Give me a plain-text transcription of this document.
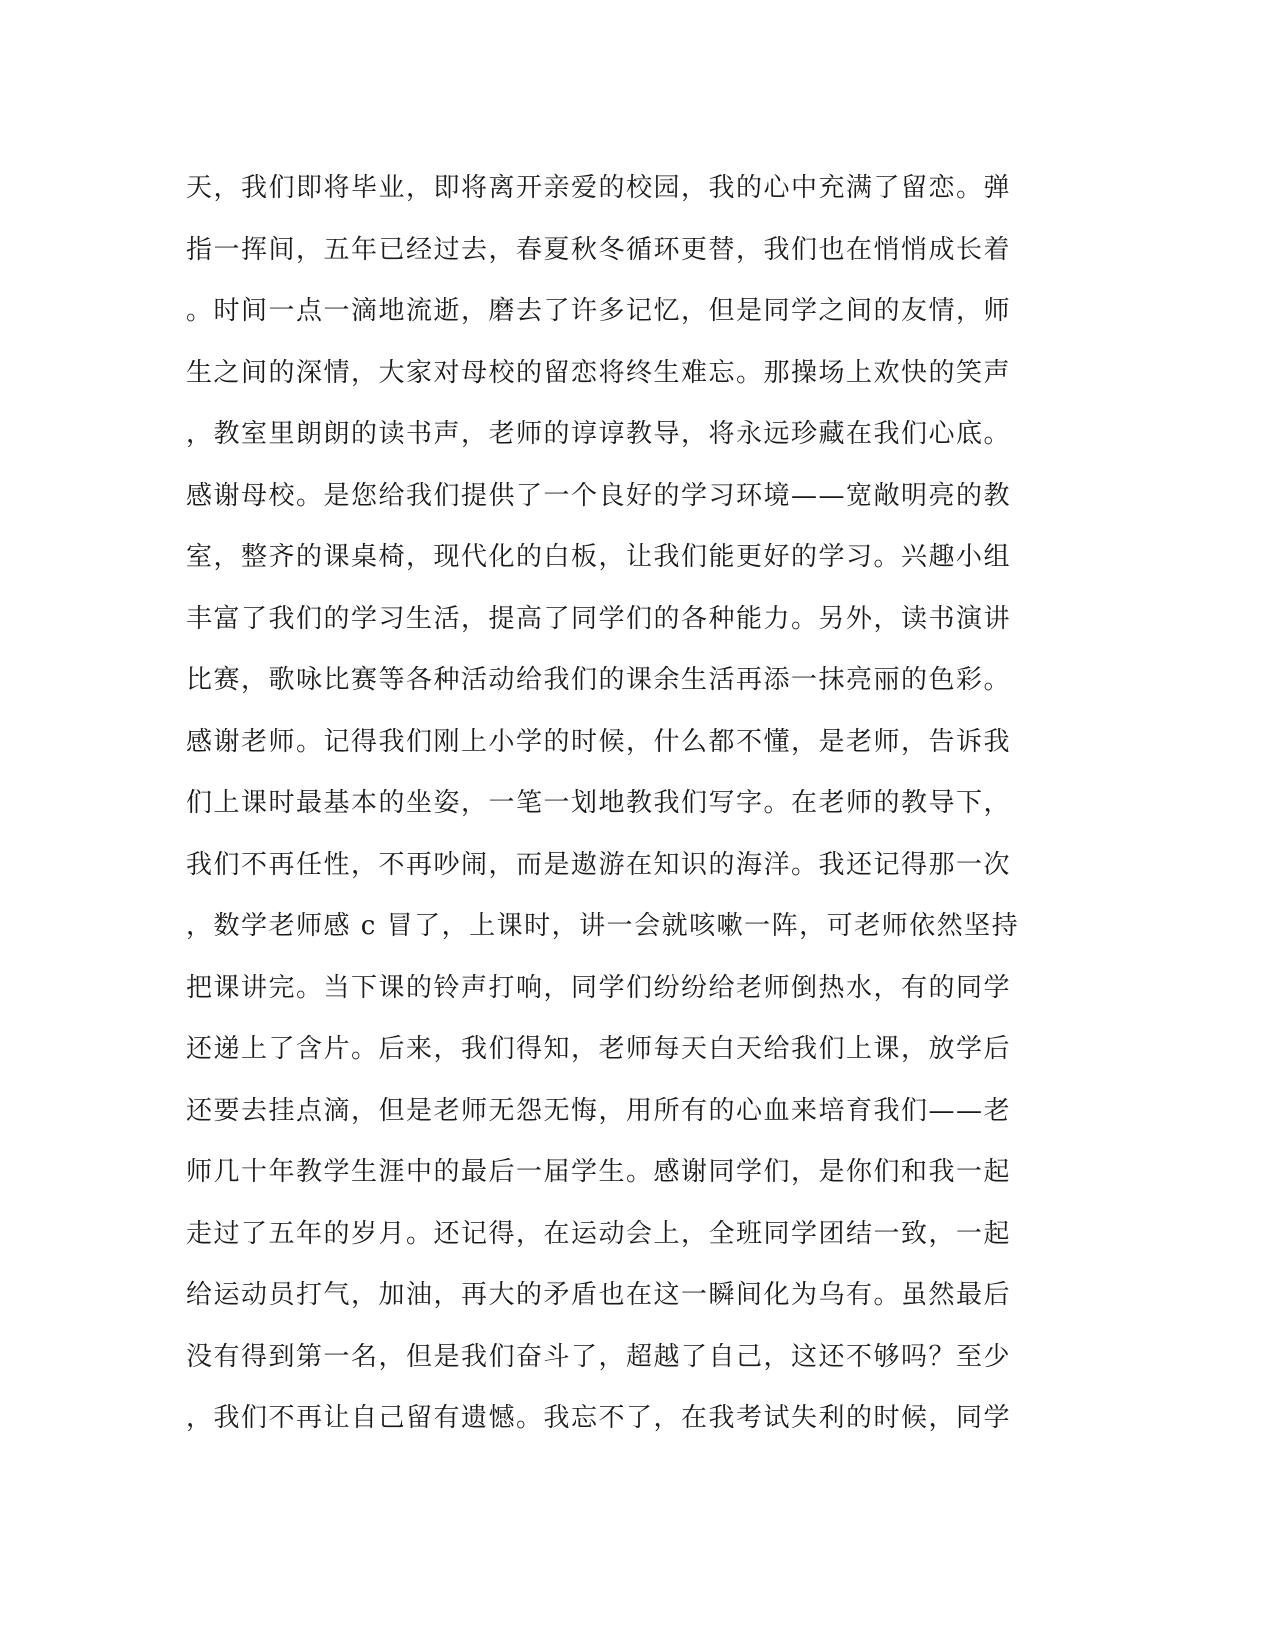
天，我们即将毕业，即将离开亲爱的校园，我的心中充满了留恋。弹
指一挥间，五年已经过去，春夏秋冬循环更替，我们也在悄悄成长着
。时间一点一滴地流逝，磨去了许多记忆，但是同学之间的友情，师
生之间的深情，大家对母校的留恋将终生难忘。那操场上欢快的笑声
，教室里朗朗的读书声，老师的谆谆教导，将永远珍藏在我们心底。
感谢母校。是您给我们提供了一个良好的学习环境——宽敞明亮的教
室，整齐的课桌椅，现代化的白板，让我们能更好的学习。兴趣小组
丰富了我们的学习生活，提高了同学们的各种能力。另外，读书演讲
比赛，歌咏比赛等各种活动给我们的课余生活再添一抹亮丽的色彩。
感谢老师。记得我们刚上小学的时候，什么都不懂，是老师，告诉我
们上课时最基本的坐姿，一笔一划地教我们写字。在老师的教导下，
我们不再任性，不再吵闹，而是遨游在知识的海洋。我还记得那一次
，数学老师感 c 冒了，上课时，讲一会就咳嗽一阵，可老师依然坚持
把课讲完。当下课的铃声打响，同学们纷纷给老师倒热水，有的同学
还递上了含片。后来，我们得知，老师每天白天给我们上课，放学后
还要去挂点滴，但是老师无怨无悔，用所有的心血来培育我们——老
师几十年教学生涯中的最后一届学生。感谢同学们，是你们和我一起
走过了五年的岁月。还记得，在运动会上，全班同学团结一致，一起
给运动员打气，加油，再大的矛盾也在这一瞬间化为乌有。虽然最后
没有得到第一名，但是我们奋斗了，超越了自己，这还不够吗？至少
，我们不再让自己留有遗憾。我忘不了，在我考试失利的时候，同学
